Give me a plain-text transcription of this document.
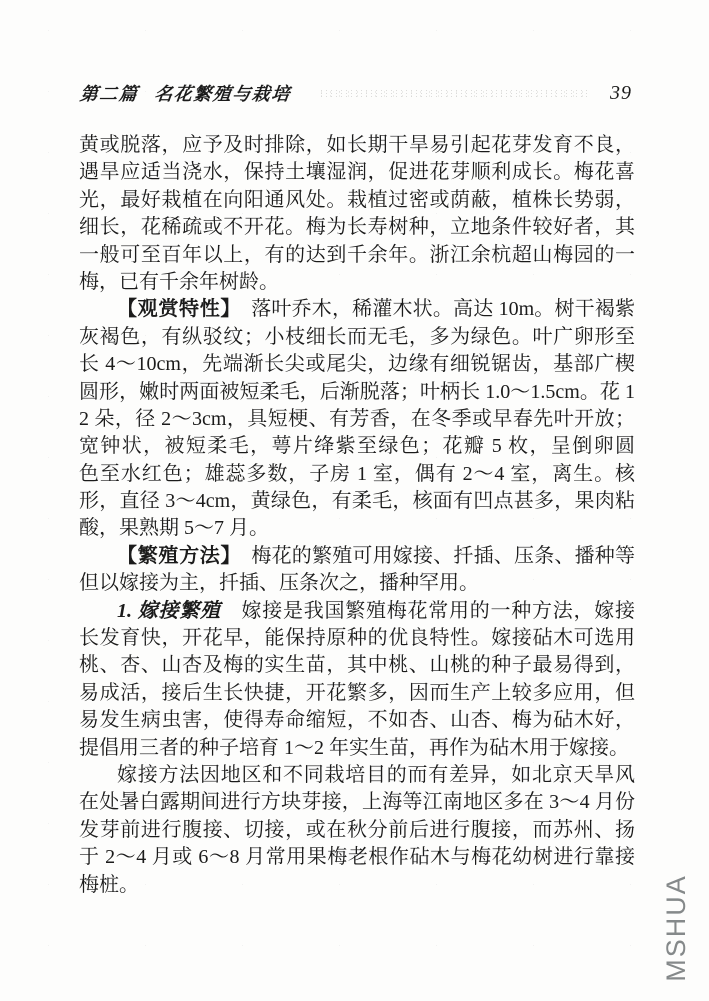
第二篇 名花繁殖与栽培	39
黄或脱落，应予及时排除，如长期干旱易引起花芽发育不良，
遇旱应适当浇水，保持土壤湿润，促进花芽顺利成长。梅花喜
光，最好栽植在向阳通风处。栽植过密或荫蔽，植株长势弱，
细长，花稀疏或不开花。梅为长寿树种，立地条件较好者，其
一般可至百年以上，有的达到千余年。浙江余杭超山梅园的一
梅，已有千余年树龄。
【观赏特性】　落叶乔木，稀灌木状。高达 10m。树干褐紫
灰褐色，有纵驳纹；小枝细长而无毛，多为绿色。叶广卵形至
长 4～10cm，先端渐长尖或尾尖，边缘有细锐锯齿，基部广楔
圆形，嫩时两面被短柔毛，后渐脱落；叶柄长 1.0～1.5cm。花 1
2 朵，径 2～3cm，具短梗、有芳香，在冬季或早春先叶开放；
宽钟状，被短柔毛，萼片绛紫至绿色；花瓣 5 枚，呈倒卵圆
色至水红色；雄蕊多数，子房 1 室，偶有 2～4 室，离生。核
形，直径 3～4cm，黄绿色，有柔毛，核面有凹点甚多，果肉粘
酸，果熟期 5～7 月。
【繁殖方法】　梅花的繁殖可用嫁接、扦插、压条、播种等
但以嫁接为主，扦插、压条次之，播种罕用。
1. 嫁接繁殖　嫁接是我国繁殖梅花常用的一种方法，嫁接
长发育快，开花早，能保持原种的优良特性。嫁接砧木可选用
桃、杏、山杏及梅的实生苗，其中桃、山桃的种子最易得到，
易成活，接后生长快捷，开花繁多，因而生产上较多应用，但
易发生病虫害，使得寿命缩短，不如杏、山杏、梅为砧木好，
提倡用三者的种子培育 1～2 年实生苗，再作为砧木用于嫁接。
嫁接方法因地区和不同栽培目的而有差异，如北京天旱风
在处暑白露期间进行方块芽接，上海等江南地区多在 3～4 月份
发芽前进行腹接、切接，或在秋分前后进行腹接，而苏州、扬
于 2～4 月或 6～8 月常用果梅老根作砧木与梅花幼树进行靠接
梅桩。	MSHUA
